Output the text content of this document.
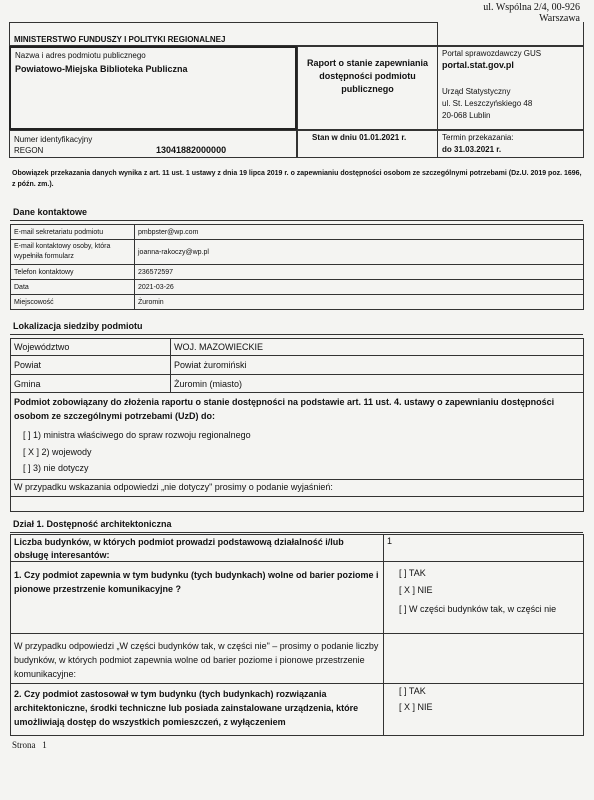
ul. Wspólna 2/4, 00-926
Warszawa
MINISTERSTWO FUNDUSZY I POLITYKI REGIONALNEJ
Nazwa i adres podmiotu publicznego
Powiatowo-Miejska Biblioteka Publiczna
Raport o stanie zapewniania dostępności podmiotu publicznego
Portal sprawozdawczy GUS
portal.stat.gov.pl
Urząd Statystyczny
ul. St. Leszczyńskiego 48
20-068 Lublin
Numer identyfikacyjny
REGON	13041882000000
Stan w dniu 01.01.2021 r.	Termin przekazania:
do 31.03.2021 r.
Obowiązek przekazania danych wynika z art. 11 ust. 1 ustawy z dnia 19 lipca 2019 r. o zapewnianiu dostępności osobom ze szczególnymi potrzebami (Dz.U. 2019 poz. 1696, z późn. zm.).
Dane kontaktowe
E-mail sekretariatu podmiotu	pmbpster@wp.com
E-mail kontaktowy osoby, która wypełniła formularz	joanna-rakoczy@wp.pl
Telefon kontaktowy	236572597
Data	2021-03-26
Miejscowość	Żuromin
Lokalizacja siedziby podmiotu
Województwo	WOJ. MAZOWIECKIE
Powiat	Powiat żuromiński
Gmina	Żuromin (miasto)
Podmiot zobowiązany do złożenia raportu o stanie dostępności na podstawie art. 11 ust. 4. ustawy o zapewnianiu dostępności osobom ze szczególnymi potrzebami (UzD) do:
[ ] 1) ministra właściwego do spraw rozwoju regionalnego
[ X ] 2) wojewody
[ ] 3) nie dotyczy
W przypadku wskazania odpowiedzi „nie dotyczy" prosimy o podanie wyjaśnień:
Dział 1. Dostępność architektoniczna
Liczba budynków, w których podmiot prowadzi podstawową działalność i/lub obsługę interesantów:
1
1. Czy podmiot zapewnia w tym budynku (tych budynkach) wolne od barier poziome i pionowe przestrzenie komunikacyjne ?
[ ] TAK
[ X ] NIE
[ ] W części budynków tak, w części nie
W przypadku odpowiedzi „W części budynków tak, w części nie" – prosimy o podanie liczby budynków, w których podmiot zapewnia wolne od barier poziome i pionowe przestrzenie komunikacyjne:
2. Czy podmiot zastosował w tym budynku (tych budynkach) rozwiązania architektoniczne, środki techniczne lub posiada zainstalowane urządzenia, które umożliwiają dostęp do wszystkich pomieszczeń, z wyłączeniem
[ ] TAK
[ X ] NIE
Strona   1
